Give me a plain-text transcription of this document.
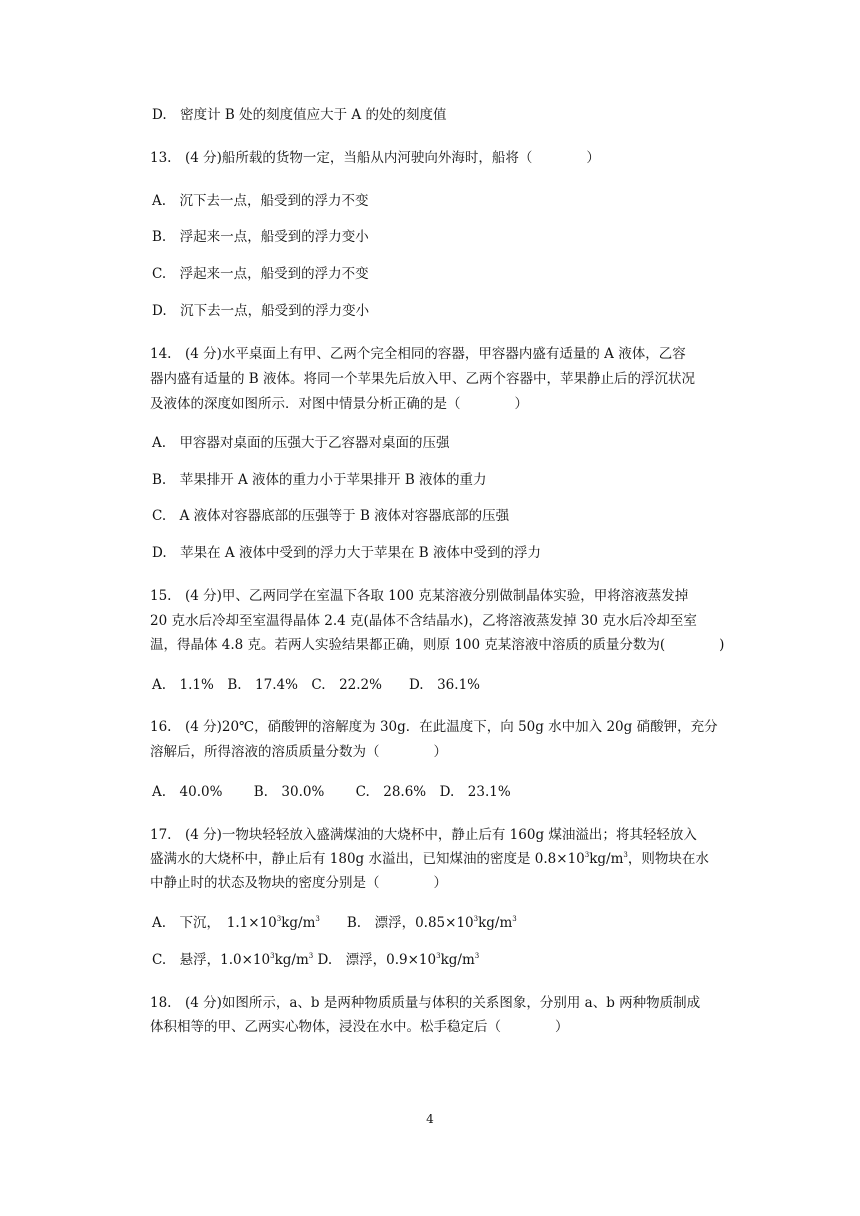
D.　密度计 B 处的刻度值应大于 A 的处的刻度值
13.　(4 分)船所载的货物一定，当船从内河驶向外海时，船将（　　　　）
A.　沉下去一点，船受到的浮力不变
B.　浮起来一点，船受到的浮力变小
C.　浮起来一点，船受到的浮力不变
D.　沉下去一点，船受到的浮力变小
14.　(4 分)水平桌面上有甲、乙两个完全相同的容器，甲容器内盛有适量的 A 液体，乙容
器内盛有适量的 B 液体。将同一个苹果先后放入甲、乙两个容器中，苹果静止后的浮沉状况
及液体的深度如图所示．对图中情景分析正确的是（　　　　）
A.　甲容器对桌面的压强大于乙容器对桌面的压强
B.　苹果排开 A 液体的重力小于苹果排开 B 液体的重力
C.　A 液体对容器底部的压强等于 B 液体对容器底部的压强
D.　苹果在 A 液体中受到的浮力大于苹果在 B 液体中受到的浮力
15.　(4 分)甲、乙两同学在室温下各取 100 克某溶液分别做制晶体实验，甲将溶液蒸发掉
20 克水后冷却至室温得晶体 2.4 克(晶体不含结晶水)，乙将溶液蒸发掉 30 克水后冷却至室
温，得晶体 4.8 克。若两人实验结果都正确，则原 100 克某溶液中溶质的质量分数为(　　　　)
A.　1.1%　B.　17.4%　C.　22.2%　　D.　36.1%
16.　(4 分)20℃，硝酸钾的溶解度为 30g．在此温度下，向 50g 水中加入 20g 硝酸钾，充分
溶解后，所得溶液的溶质质量分数为（　　　　）
A.　40.0%　　 B.　30.0%　　 C.　28.6%　D.　23.1%
17.　(4 分)一物块轻轻放入盛满煤油的大烧杯中，静止后有 160g 煤油溢出；将其轻轻放入
盛满水的大烧杯中，静止后有 180g 水溢出，已知煤油的密度是 $0.8\times 10^3kg/m^3$，则物块在水
中静止时的状态及物块的密度分别是（　　　　）
A.　下沉，　$1.1\times 10^3kg/m^3$　　B.　漂浮，$0.85\times 10^3kg/m^3$
C.　悬浮，$1.0\times 10^3kg/m^3$ D.　漂浮，$0.9\times 10^3kg/m^3$
18.　(4 分)如图所示，a、b 是两种物质质量与体积的关系图象，分别用 a、b 两种物质制成
体积相等的甲、乙两实心物体，浸没在水中。松手稳定后（　　　　）
4
